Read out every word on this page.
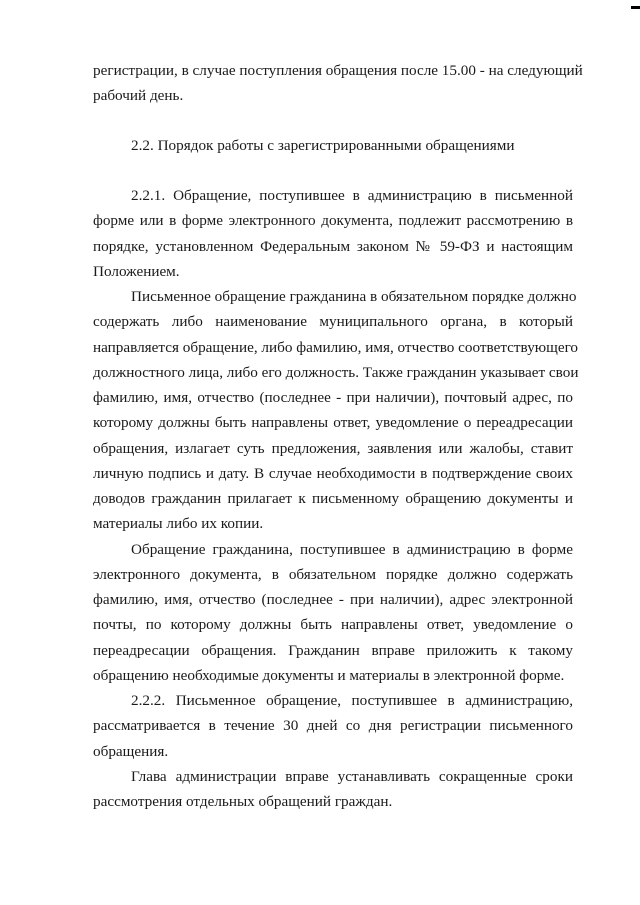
регистрации, в случае поступления обращения после 15.00 - на следующий
рабочий день.
2.2. Порядок работы с зарегистрированными обращениями
2.2.1. Обращение, поступившее в администрацию в письменной
форме или в форме электронного документа, подлежит рассмотрению в
порядке, установленном Федеральным законом № 59-ФЗ и настоящим
Положением.
Письменное обращение гражданина в обязательном порядке должно
содержать либо наименование муниципального органа, в который
направляется обращение, либо фамилию, имя, отчество соответствующего
должностного лица, либо его должность. Также гражданин указывает свои
фамилию, имя, отчество (последнее - при наличии), почтовый адрес, по
которому должны быть направлены ответ, уведомление о переадресации
обращения, излагает суть предложения, заявления или жалобы, ставит
личную подпись и дату. В случае необходимости в подтверждение своих
доводов гражданин прилагает к письменному обращению документы и
материалы либо их копии.
Обращение гражданина, поступившее в администрацию в форме
электронного документа, в обязательном порядке должно содержать
фамилию, имя, отчество (последнее - при наличии), адрес электронной
почты, по которому должны быть направлены ответ, уведомление о
переадресации обращения. Гражданин вправе приложить к такому
обращению необходимые документы и материалы в электронной форме.
2.2.2. Письменное обращение, поступившее в администрацию,
рассматривается в течение 30 дней со дня регистрации письменного
обращения.
Глава администрации вправе устанавливать сокращенные сроки
рассмотрения отдельных обращений граждан.
